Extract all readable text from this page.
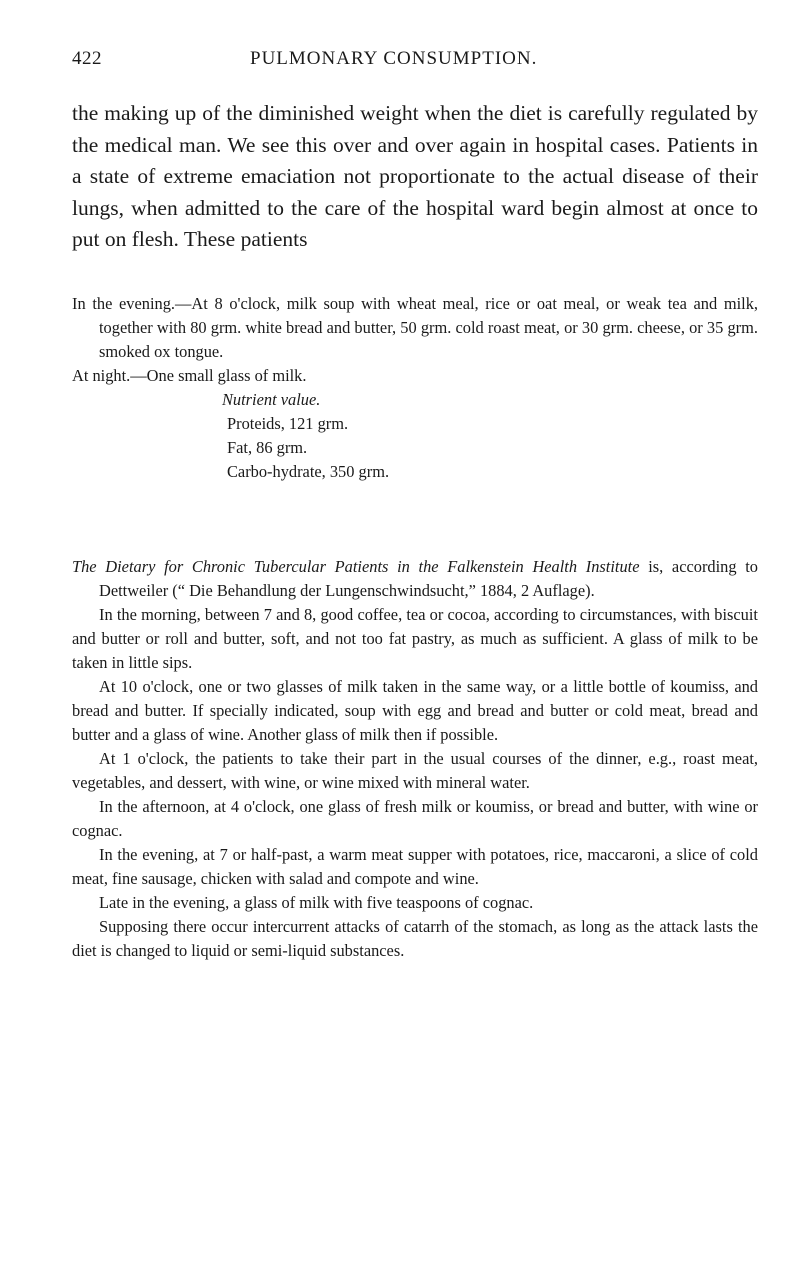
422	PULMONARY CONSUMPTION.

the making up of the diminished weight when the diet is carefully regulated by the medical man. We see this over and over again in hospital cases. Patients in a state of extreme emaciation not proportionate to the actual disease of their lungs, when admitted to the care of the hospital ward begin almost at once to put on flesh. These patients

In the evening.—At 8 o'clock, milk soup with wheat meal, rice or oat meal, or weak tea and milk, together with 80 grm. white bread and butter, 50 grm. cold roast meat, or 30 grm. cheese, or 35 grm. smoked ox tongue.

At night.—One small glass of milk.

Nutrient value.
Proteids, 121 grm.
Fat, 86 grm.
Carbo-hydrate, 350 grm.

The Dietary for Chronic Tubercular Patients in the Falkenstein Health Institute is, according to Dettweiler (“ Die Behandlung der Lungenschwindsucht,” 1884, 2 Auflage).

In the morning, between 7 and 8, good coffee, tea or cocoa, according to circumstances, with biscuit and butter or roll and butter, soft, and not too fat pastry, as much as sufficient. A glass of milk to be taken in little sips.

At 10 o'clock, one or two glasses of milk taken in the same way, or a little bottle of koumiss, and bread and butter. If specially indicated, soup with egg and bread and butter or cold meat, bread and butter and a glass of wine. Another glass of milk then if possible.

At 1 o'clock, the patients to take their part in the usual courses of the dinner, e.g., roast meat, vegetables, and dessert, with wine, or wine mixed with mineral water.

In the afternoon, at 4 o'clock, one glass of fresh milk or koumiss, or bread and butter, with wine or cognac.

In the evening, at 7 or half-past, a warm meat supper with potatoes, rice, maccaroni, a slice of cold meat, fine sausage, chicken with salad and compote and wine.

Late in the evening, a glass of milk with five teaspoons of cognac.

Supposing there occur intercurrent attacks of catarrh of the stomach, as long as the attack lasts the diet is changed to liquid or semi-liquid substances.
